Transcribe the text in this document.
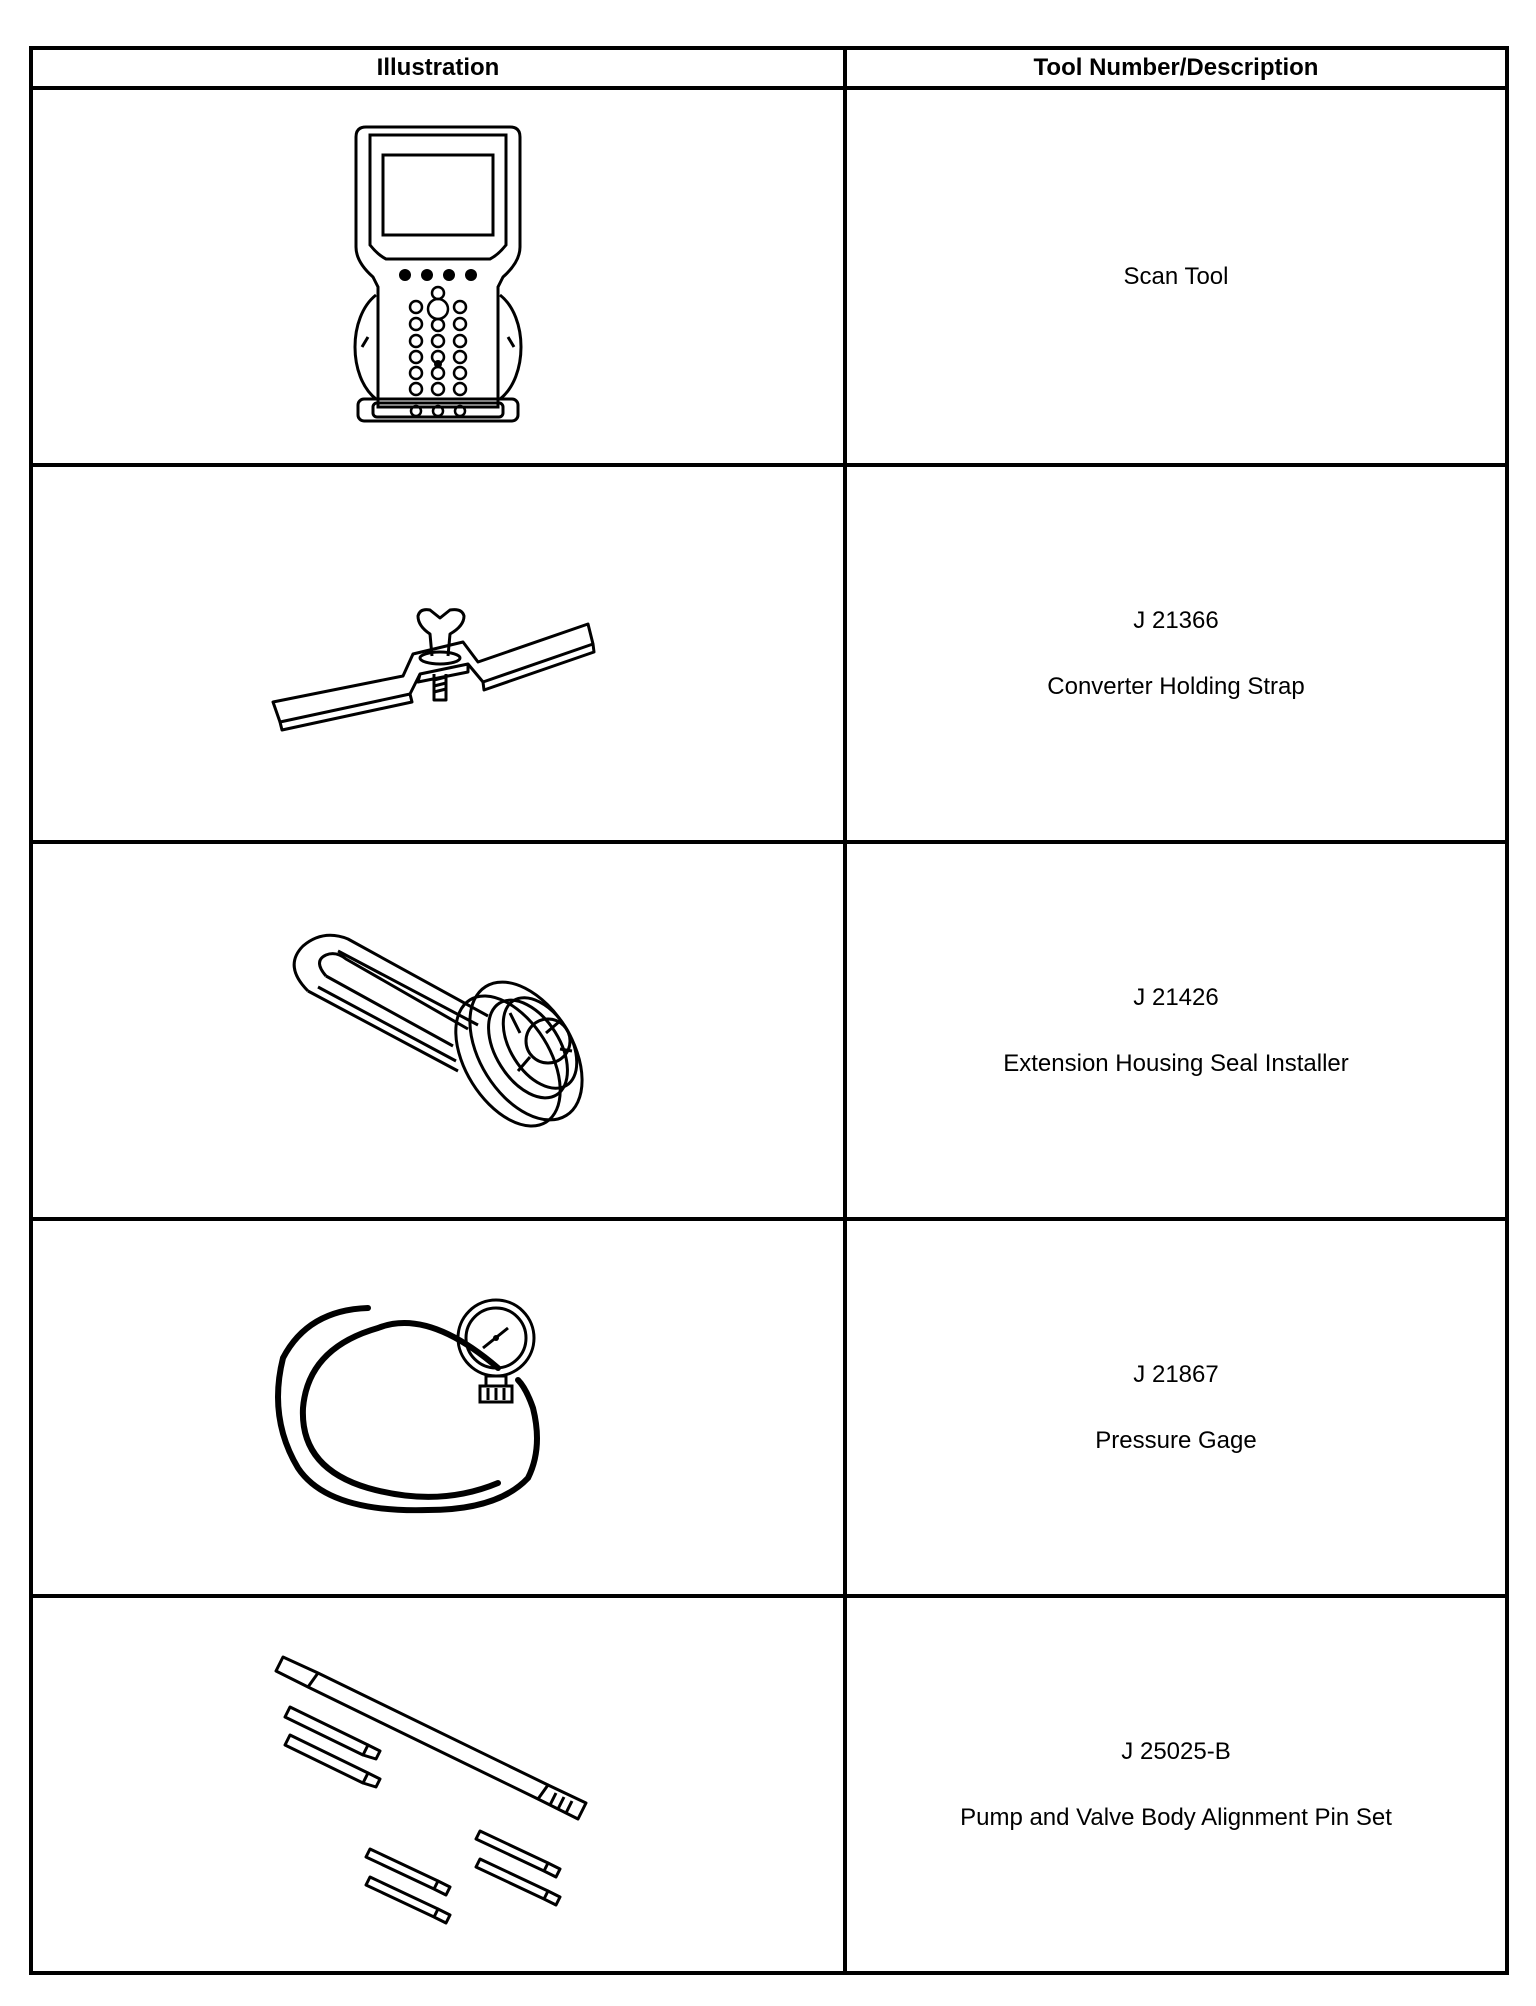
Illustration	Tool Number/Description

Scan Tool

J 21366
Converter Holding Strap

J 21426
Extension Housing Seal Installer

J 21867
Pressure Gage

J 25025-B
Pump and Valve Body Alignment Pin Set
